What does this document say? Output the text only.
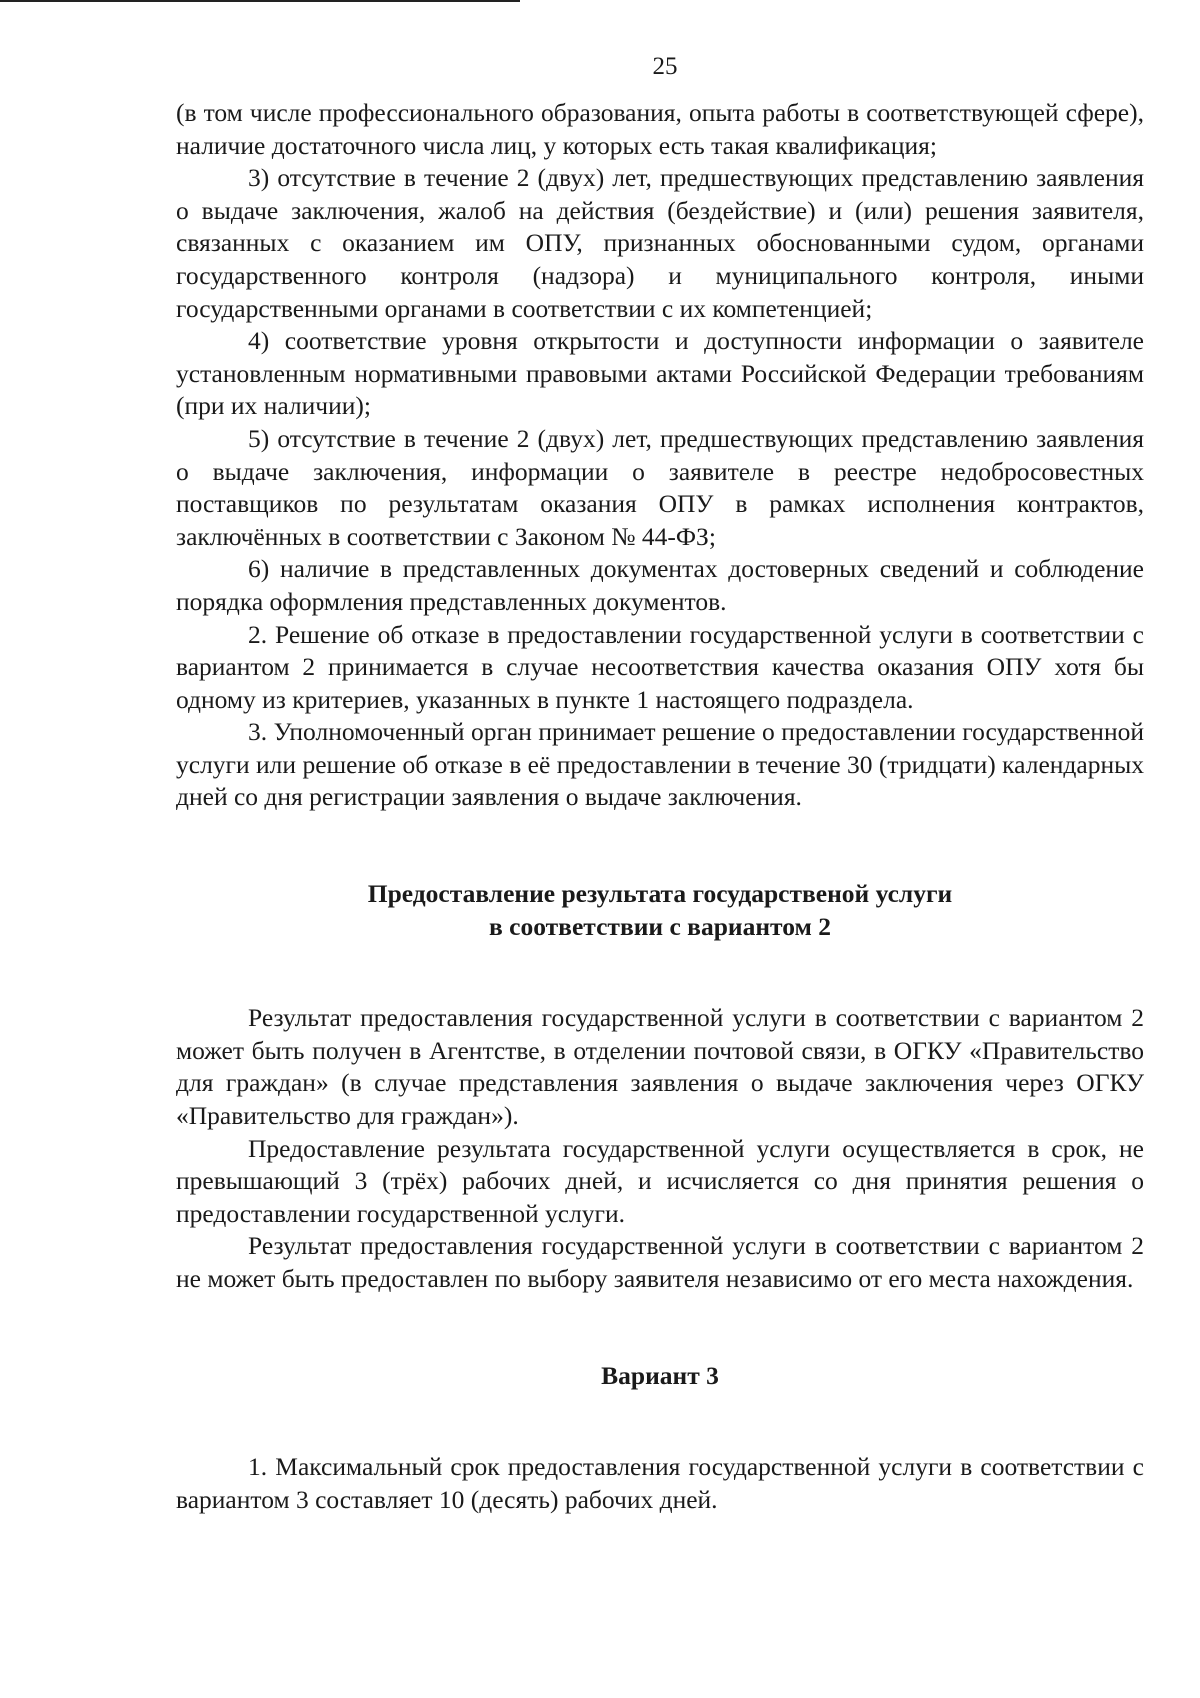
25

(в том числе профессионального образования, опыта работы в соответствующей сфере), наличие достаточного числа лиц, у которых есть такая квалификация;

3) отсутствие в течение 2 (двух) лет, предшествующих представлению заявления о выдаче заключения, жалоб на действия (бездействие) и (или) решения заявителя, связанных с оказанием им ОПУ, признанных обоснованными судом, органами государственного контроля (надзора) и муниципального контроля, иными государственными органами в соответствии с их компетенцией;

4) соответствие уровня открытости и доступности информации о заявителе установленным нормативными правовыми актами Российской Федерации требованиям (при их наличии);

5) отсутствие в течение 2 (двух) лет, предшествующих представлению заявления о выдаче заключения, информации о заявителе в реестре недобросовестных поставщиков по результатам оказания ОПУ в рамках исполнения контрактов, заключённых в соответствии с Законом № 44-ФЗ;

6) наличие в представленных документах достоверных сведений и соблюдение порядка оформления представленных документов.

2. Решение об отказе в предоставлении государственной услуги в соответствии с вариантом 2 принимается в случае несоответствия качества оказания ОПУ хотя бы одному из критериев, указанных в пункте 1 настоящего подраздела.

3. Уполномоченный орган принимает решение о предоставлении государственной услуги или решение об отказе в её предоставлении в течение 30 (тридцати) календарных дней со дня регистрации заявления о выдаче заключения.

Предоставление результата государственой услуги

в соответствии с вариантом 2

Результат предоставления государственной услуги в соответствии с вариантом 2 может быть получен в Агентстве, в отделении почтовой связи, в ОГКУ «Правительство для граждан» (в случае представления заявления о выдаче заключения через ОГКУ «Правительство для граждан»).

Предоставление результата государственной услуги осуществляется в срок, не превышающий 3 (трёх) рабочих дней, и исчисляется со дня принятия решения о предоставлении государственной услуги.

Результат предоставления государственной услуги в соответствии с вариантом 2 не может быть предоставлен по выбору заявителя независимо от его места нахождения.

Вариант 3

1. Максимальный срок предоставления государственной услуги в соответствии с вариантом 3 составляет 10 (десять) рабочих дней.
